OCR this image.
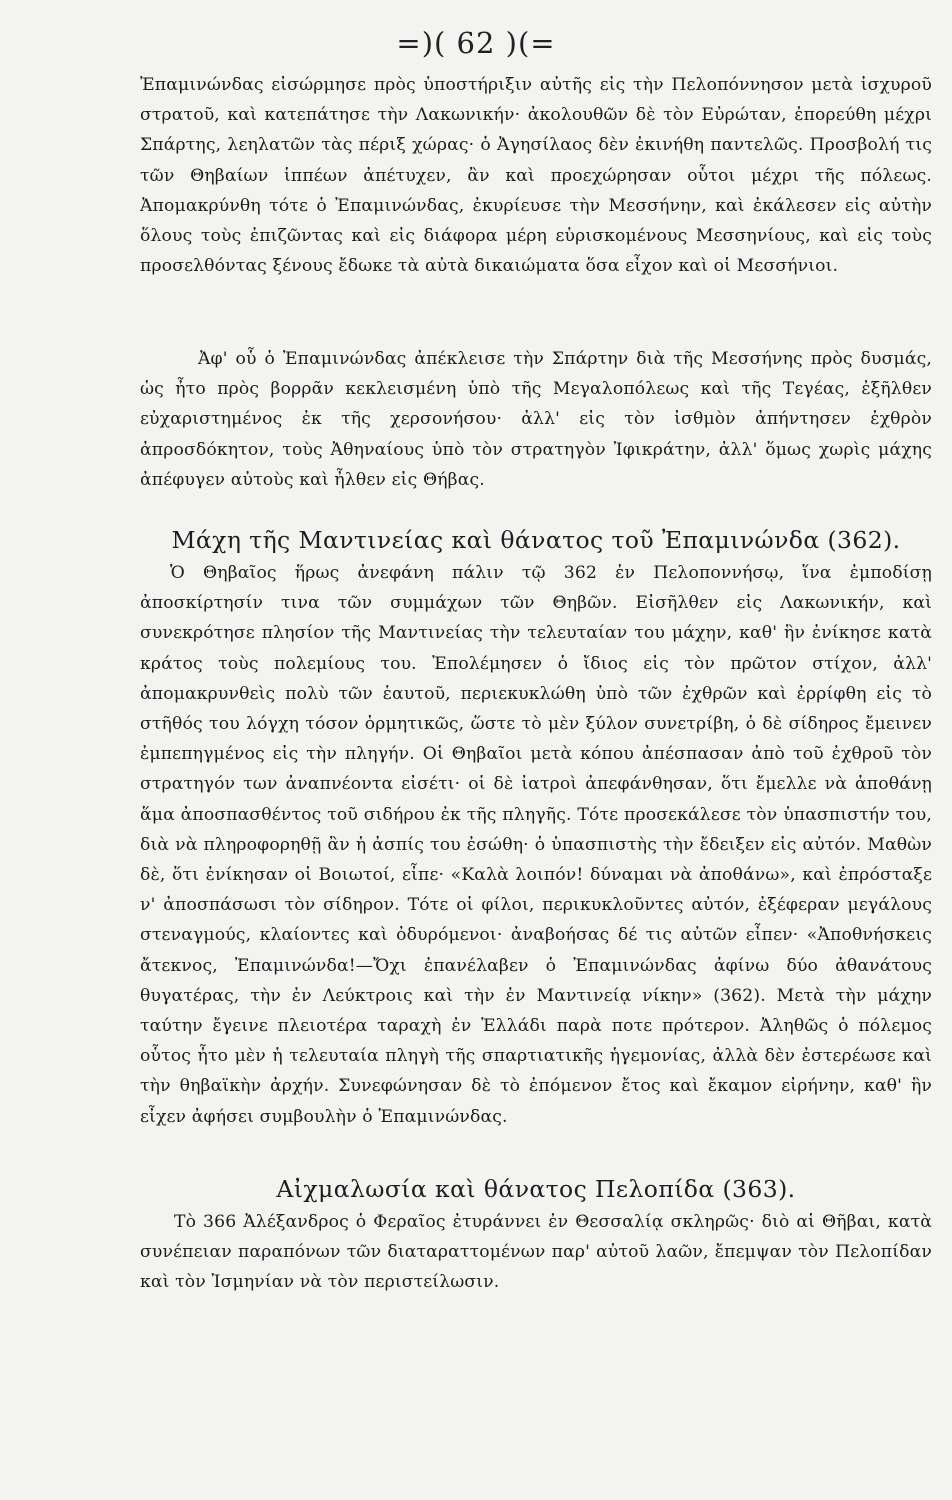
=)( 62 )(=

Ἐπαμινώνδας εἰσώρμησε πρὸς ὑποστήριξιν αὐτῆς εἰς τὴν Πελοπόννησον μετὰ ἰσχυροῦ στρατοῦ, καὶ κατεπάτησε τὴν Λακωνικήν· ἀκολουθῶν δὲ τὸν Εὐρώταν, ἐπορεύθη μέχρι Σπάρτης, λεηλατῶν τὰς πέριξ χώρας· ὁ Ἀγησίλαος δὲν ἐκινήθη παντελῶς. Προσβολή τις τῶν Θηβαίων ἱππέων ἀπέτυχεν, ἂν καὶ προεχώρησαν οὗτοι μέχρι τῆς πόλεως. Ἀπομακρύνθη τότε ὁ Ἐπαμινώνδας, ἐκυρίευσε τὴν Μεσσήνην, καὶ ἐκάλεσεν εἰς αὐτὴν ὅλους τοὺς ἐπιζῶντας καὶ εἰς διάφορα μέρη εὑρισκομένους Μεσσηνίους, καὶ εἰς τοὺς προσελθόντας ξένους ἔδωκε τὰ αὐτὰ δικαιώματα ὅσα εἶχον καὶ οἱ Μεσσήνιοι.

Ἀφ' οὗ ὁ Ἐπαμινώνδας ἀπέκλεισε τὴν Σπάρτην διὰ τῆς Μεσσήνης πρὸς δυσμάς, ὡς ἦτο πρὸς βορρᾶν κεκλεισμένη ὑπὸ τῆς Μεγαλοπόλεως καὶ τῆς Τεγέας, ἐξῆλθεν εὐχαριστημένος ἐκ τῆς χερσονήσου· ἀλλ' εἰς τὸν ἰσθμὸν ἀπήντησεν ἐχθρὸν ἀπροσδόκητον, τοὺς Ἀθηναίους ὑπὸ τὸν στρατηγὸν Ἰφικράτην, ἀλλ' ὅμως χωρὶς μάχης ἀπέφυγεν αὐτοὺς καὶ ἦλθεν εἰς Θήβας.

Μάχη τῆς Μαντινείας καὶ θάνατος τοῦ Ἐπαμινώνδα (362).

Ὁ Θηβαῖος ἥρως ἀνεφάνη πάλιν τῷ 362 ἐν Πελοποννήσῳ, ἵνα ἐμποδίσῃ ἀποσκίρτησίν τινα τῶν συμμάχων τῶν Θηβῶν. Εἰσῆλθεν εἰς Λακωνικήν, καὶ συνεκρότησε πλησίον τῆς Μαντινείας τὴν τελευταίαν του μάχην, καθ' ἣν ἐνίκησε κατὰ κράτος τοὺς πολεμίους του. Ἐπολέμησεν ὁ ἴδιος εἰς τὸν πρῶτον στίχον, ἀλλ' ἀπομακρυνθεὶς πολὺ τῶν ἑαυτοῦ, περιεκυκλώθη ὑπὸ τῶν ἐχθρῶν καὶ ἐρρίφθη εἰς τὸ στῆθός του λόγχη τόσον ὁρμητικῶς, ὥστε τὸ μὲν ξύλον συνετρίβη, ὁ δὲ σίδηρος ἔμεινεν ἐμπεπηγμένος εἰς τὴν πληγήν. Οἱ Θηβαῖοι μετὰ κόπου ἀπέσπασαν ἀπὸ τοῦ ἐχθροῦ τὸν στρατηγόν των ἀναπνέοντα εἰσέτι· οἱ δὲ ἰατροὶ ἀπεφάνθησαν, ὅτι ἔμελλε νὰ ἀποθάνῃ ἅμα ἀποσπασθέντος τοῦ σιδήρου ἐκ τῆς πληγῆς. Τότε προσεκάλεσε τὸν ὑπασπιστήν του, διὰ νὰ πληροφορηθῇ ἂν ἡ ἀσπίς του ἐσώθη· ὁ ὑπασπιστὴς τὴν ἔδειξεν εἰς αὐτόν. Μαθὼν δὲ, ὅτι ἐνίκησαν οἱ Βοιωτοί, εἶπε· «Καλὰ λοιπόν! δύναμαι νὰ ἀποθάνω», καὶ ἐπρόσταξε ν' ἀποσπάσωσι τὸν σίδηρον. Τότε οἱ φίλοι, περικυκλοῦντες αὐτόν, ἐξέφεραν μεγάλους στεναγμούς, κλαίοντες καὶ ὀδυρόμενοι· ἀναβοήσας δέ τις αὐτῶν εἶπεν· «Ἀποθνήσκεις ἄτεκνος, Ἐπαμινώνδα!—Ὄχι ἐπανέλαβεν ὁ Ἐπαμινώνδας ἀφίνω δύο ἀθανάτους θυγατέρας, τὴν ἐν Λεύκτροις καὶ τὴν ἐν Μαντινείᾳ νίκην» (362). Μετὰ τὴν μάχην ταύτην ἔγεινε πλειοτέρα ταραχὴ ἐν Ἑλλάδι παρὰ ποτε πρότερον. Ἀληθῶς ὁ πόλεμος οὗτος ἦτο μὲν ἡ τελευταία πληγὴ τῆς σπαρτιατικῆς ἡγεμονίας, ἀλλὰ δὲν ἐστερέωσε καὶ τὴν θηβαϊκὴν ἀρχήν. Συνεφώνησαν δὲ τὸ ἐπόμενον ἔτος καὶ ἔκαμον εἰρήνην, καθ' ἣν εἶχεν ἀφήσει συμβουλὴν ὁ Ἐπαμινώνδας.

Αἰχμαλωσία καὶ θάνατος Πελοπίδα (363).

Τὸ 366 Ἀλέξανδρος ὁ Φεραῖος ἐτυράννει ἐν Θεσσαλίᾳ σκληρῶς· διὸ αἱ Θῆβαι, κατὰ συνέπειαν παραπόνων τῶν διαταραττομένων παρ' αὐτοῦ λαῶν, ἔπεμψαν τὸν Πελοπίδαν καὶ τὸν Ἰσμηνίαν νὰ τὸν περιστείλωσιν.
